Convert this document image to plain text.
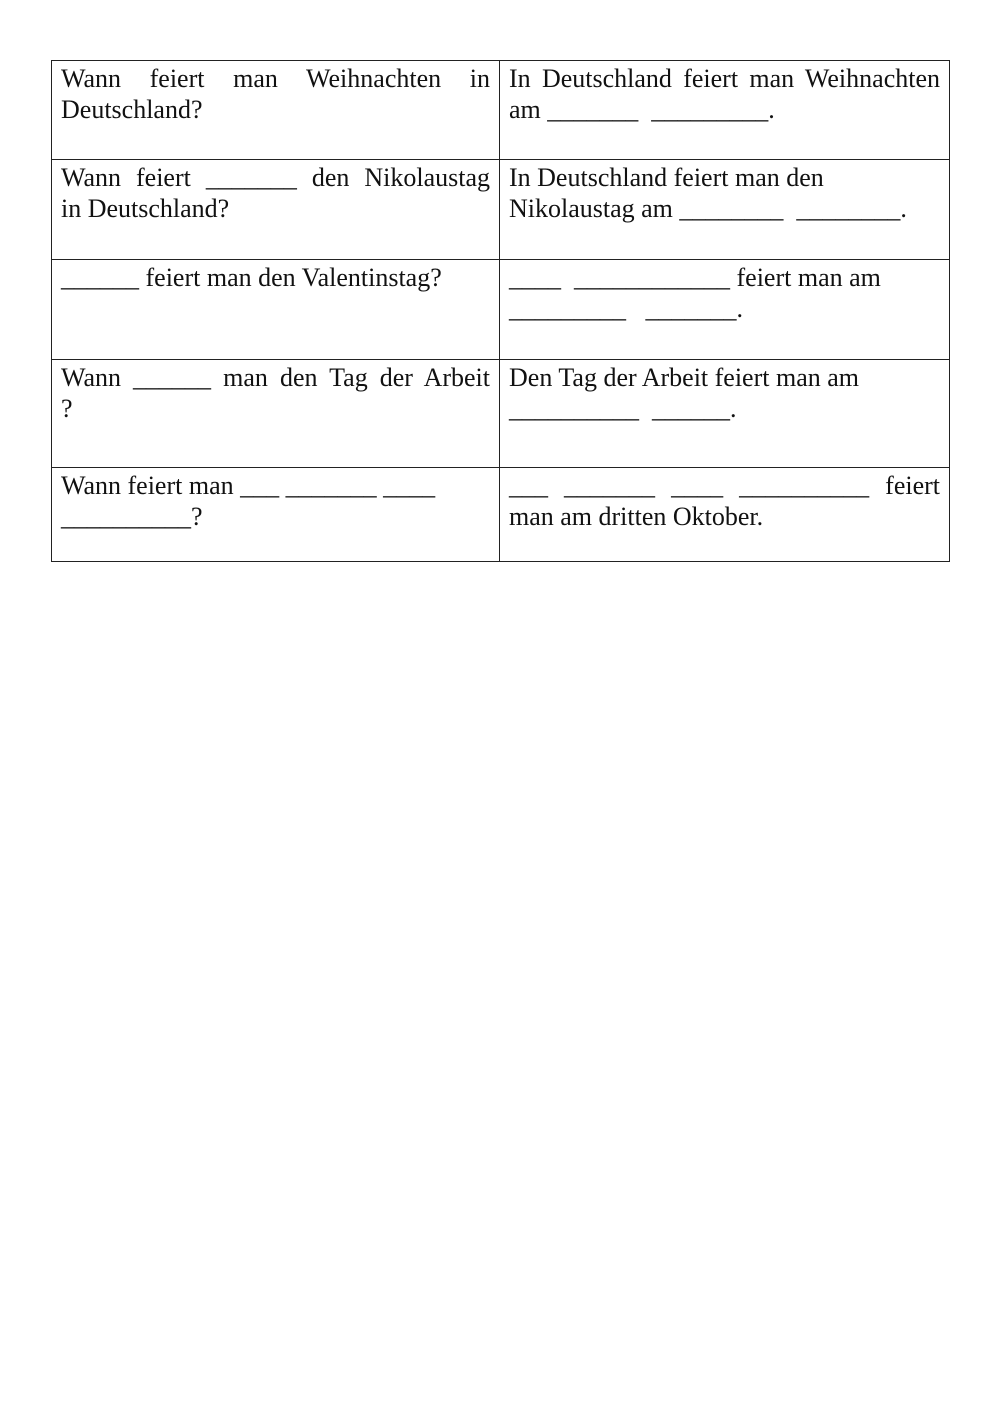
Wann feiert man Weihnachten in
Deutschland?	In Deutschland feiert man Weihnachten
am _______  _________.

Wann feiert _______ den Nikolaustag
in Deutschland?	In Deutschland feiert man den
Nikolaustag am ________  ________.

______ feiert man den Valentinstag?	____  ____________ feiert man am
_________   _______.

Wann ______ man den Tag der Arbeit
?	Den Tag der Arbeit feiert man am
__________  ______.

Wann feiert man ___ _______ ____
__________?	___ _______ ____ __________ feiert
man am dritten Oktober.
